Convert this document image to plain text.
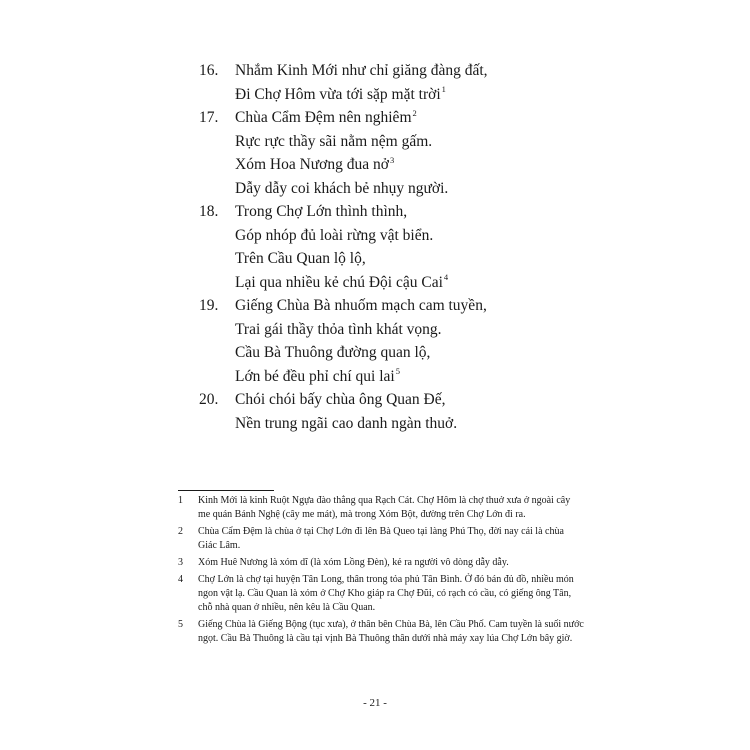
16. Nhắm Kinh Mới như chỉ giăng đàng đất,
Đi Chợ Hôm vừa tới sặp mặt trời$^1$
17. Chùa Cẩm Đệm nên nghiêm$^2$
Rực rực thầy sãi nằm nệm gấm.
Xóm Hoa Nương đua nở$^3$
Dẫy dẫy coi khách bẻ nhụy người.
18. Trong Chợ Lớn thình thình,
Góp nhóp đủ loài rừng vật biển.
Trên Cầu Quan lộ lộ,
Lại qua nhiều kẻ chú Đội cậu Cai$^4$
19. Giếng Chùa Bà nhuốm mạch cam tuyền,
Trai gái thầy thỏa tình khát vọng.
Cầu Bà Thuông đường quan lộ,
Lớn bé đều phỉ chí qui lai$^5$
20. Chói chói bấy chùa ông Quan Đế,
Nền trung ngãi cao danh ngàn thuở.
1 Kinh Mới là kinh Ruột Ngựa đào thẳng qua Rạch Cát. Chợ Hôm là chợ thuở xưa ở ngoài cây me quán Bánh Nghệ (cây me mát), mà trong Xóm Bột, đường trên Chợ Lớn đi ra.
2 Chùa Cẩm Đệm là chùa ở tại Chợ Lớn đi lên Bà Queo tại làng Phú Thọ, đời nay cải là chùa Giác Lâm.
3 Xóm Huê Nương là xóm dĩ (là xóm Lồng Đèn), kẻ ra người vô dòng dẫy dẫy.
4 Chợ Lớn là chợ tại huyện Tân Long, thân trong tỏa phủ Tân Bình. Ở đó bán đủ đồ, nhiều món ngon vật lạ. Cầu Quan là xóm ở Chợ Kho giáp ra Chợ Đũi, có rạch có cầu, có giếng ông Tân, chỗ nhà quan ở nhiều, nên kêu là Cầu Quan.
5 Giếng Chùa là Giếng Bộng (tục xưa), ở thân bên Chùa Bà, lên Cầu Phố. Cam tuyền là suối nước ngọt. Cầu Bà Thuông là cầu tại vịnh Bà Thuông thân dưới nhà máy xay lúa Chợ Lớn bây giờ.
- 21 -
